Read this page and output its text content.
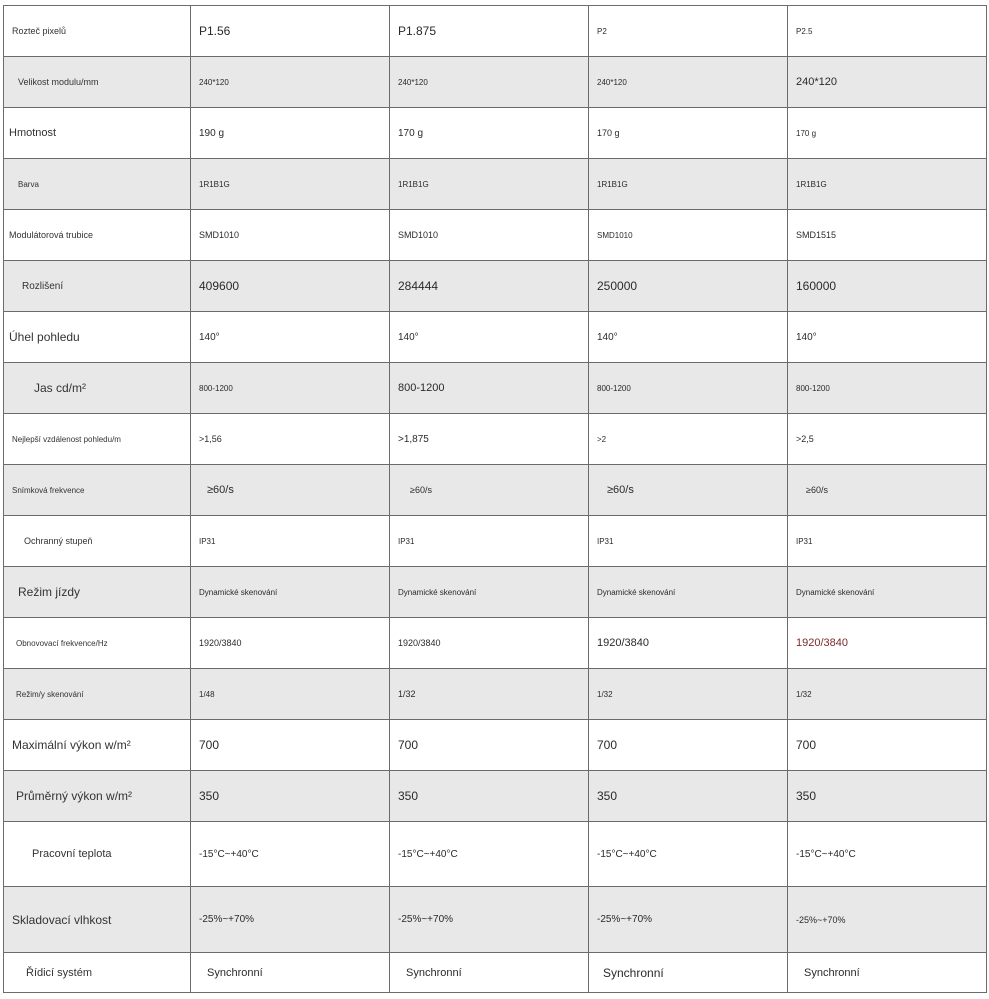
Rozteč pixelů	P1.56	P1.875	P2	P2.5
Velikost modulu/mm	240*120	240*120	240*120	240*120
Hmotnost	190 g	170 g	170 g	170 g
Barva	1R1B1G	1R1B1G	1R1B1G	1R1B1G
Modulátorová trubice	SMD1010	SMD1010	SMD1010	SMD1515
Rozlišení	409600	284444	250000	160000
Úhel pohledu	140°	140°	140°	140°
Jas cd/m²	800-1200	800-1200	800-1200	800-1200
Nejlepší vzdálenost pohledu/m	>1,56	>1,875	>2	>2,5
Snímková frekvence	≥60/s	≥60/s	≥60/s	≥60/s
Ochranný stupeň	IP31	IP31	IP31	IP31
Režim jízdy	Dynamické skenování	Dynamické skenování	Dynamické skenování	Dynamické skenování
Obnovovací frekvence/Hz	1920/3840	1920/3840	1920/3840	1920/3840
Režim/y skenování	1/48	1/32	1/32	1/32
Maximální výkon w/m²	700	700	700	700
Průměrný výkon w/m²	350	350	350	350
Pracovní teplota	-15°C~+40°C	-15°C~+40°C	-15°C~+40°C	-15°C~+40°C
Skladovací vlhkost	-25%~+70%	-25%~+70%	-25%~+70%	-25%~+70%
Řídicí systém	Synchronní	Synchronní	Synchronní	Synchronní
